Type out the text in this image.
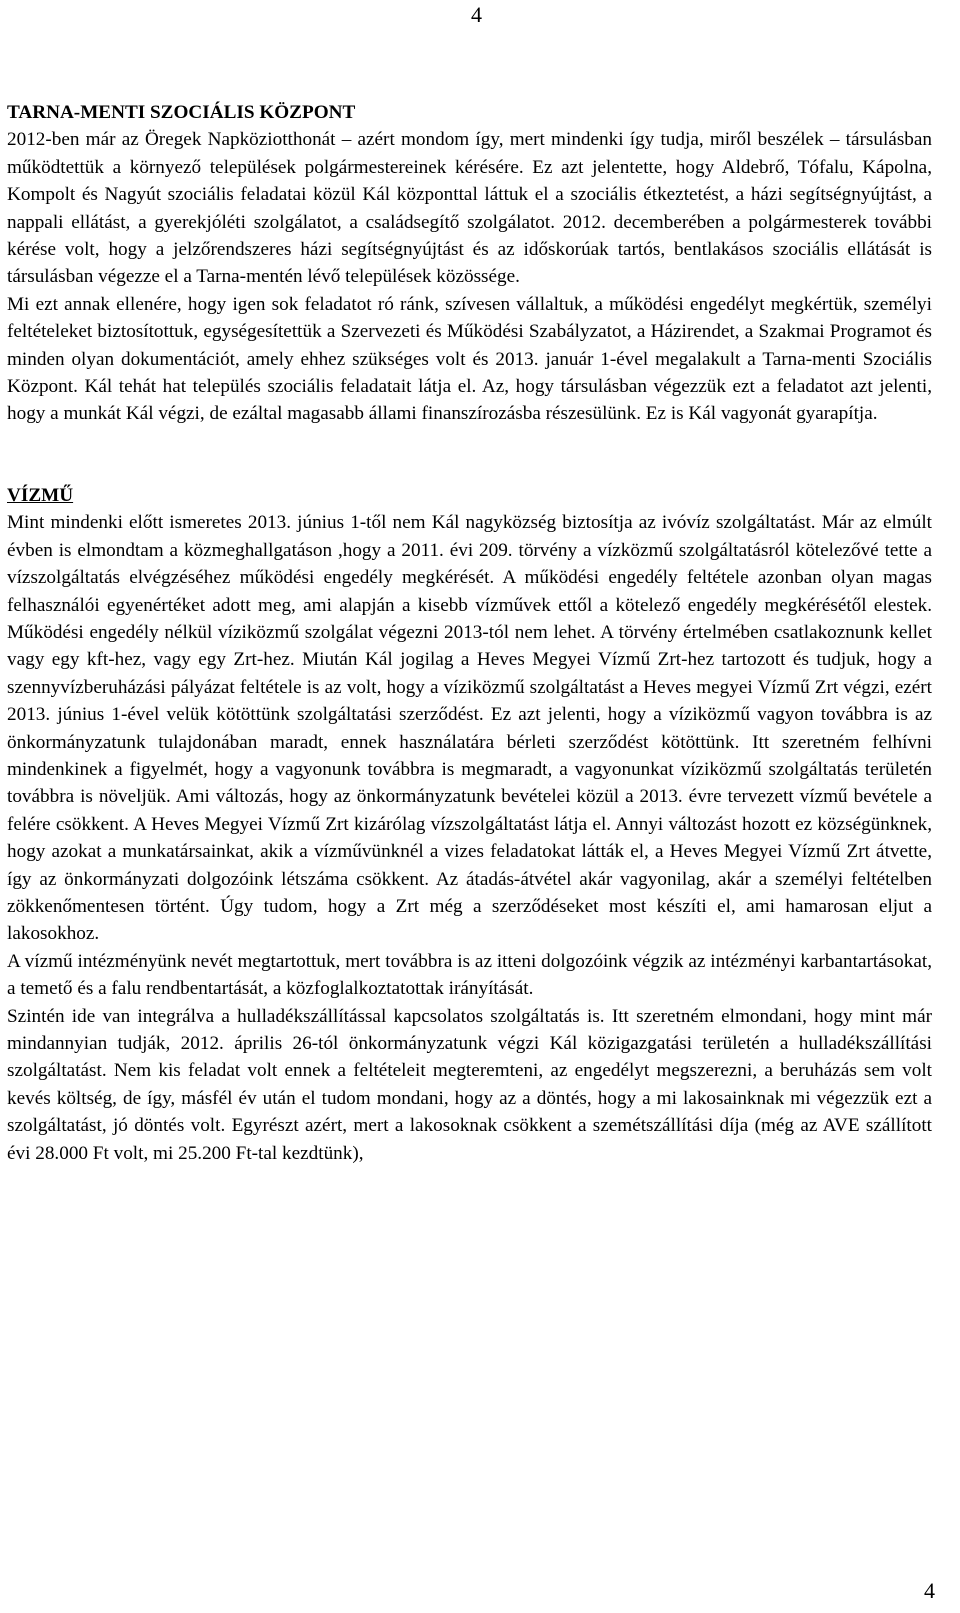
4
TARNA-MENTI SZOCIÁLIS KÖZPONT

2012-ben már az Öregek Napköziotthonát – azért mondom így, mert mindenki így tudja, miről beszélek – társulásban működtettük a környező települések polgármestereinek kérésére. Ez azt jelentette, hogy Aldebrő, Tófalu, Kápolna, Kompolt és Nagyút szociális feladatai közül Kál központtal láttuk el a szociális étkeztetést, a házi segítségnyújtást, a nappali ellátást, a gyerekjóléti szolgálatot, a családsegítő szolgálatot. 2012. decemberében a polgármesterek további kérése volt, hogy a jelzőrendszeres házi segítségnyújtást és az időskorúak tartós, bentlakásos szociális ellátását is társulásban végezze el a Tarna-mentén lévő települések közössége.

Mi ezt annak ellenére, hogy igen sok feladatot ró ránk, szívesen vállaltuk, a működési engedélyt megkértük, személyi feltételeket biztosítottuk, egységesítettük a Szervezeti és Működési Szabályzatot, a Házirendet, a Szakmai Programot és minden olyan dokumentációt, amely ehhez szükséges volt és 2013. január 1-ével megalakult a Tarna-menti Szociális Központ. Kál tehát hat település szociális feladatait látja el. Az, hogy társulásban végezzük ezt a feladatot azt jelenti, hogy a munkát Kál végzi, de ezáltal magasabb állami finanszírozásba részesülünk. Ez is Kál vagyonát gyarapítja.

VÍZMŰ

Mint mindenki előtt ismeretes 2013. június 1-től nem Kál nagyközség biztosítja az ivóvíz szolgáltatást. Már az elmúlt évben is elmondtam a közmeghallgatáson ,hogy a 2011. évi 209. törvény a vízközmű szolgáltatásról kötelezővé tette a vízszolgáltatás elvégzéséhez működési engedély megkérését. A működési engedély feltétele azonban olyan magas felhasználói egyenértéket adott meg, ami alapján a kisebb vízművek ettől a kötelező engedély megkérésétől elestek. Működési engedély nélkül víziközmű szolgálat végezni 2013-tól nem lehet. A törvény értelmében csatlakoznunk kellet vagy egy kft-hez, vagy egy Zrt-hez. Miután Kál jogilag a Heves Megyei Vízmű Zrt-hez tartozott és tudjuk, hogy a szennyvízberuházási pályázat feltétele is az volt, hogy a víziközmű szolgáltatást a Heves megyei Vízmű Zrt végzi, ezért 2013. június 1-ével velük kötöttünk szolgáltatási szerződést. Ez azt jelenti, hogy a víziközmű vagyon továbbra is az önkormányzatunk tulajdonában maradt, ennek használatára bérleti szerződést kötöttünk. Itt szeretném felhívni mindenkinek a figyelmét, hogy a vagyonunk továbbra is megmaradt, a vagyonunkat víziközmű szolgáltatás területén továbbra is növeljük. Ami változás, hogy az önkormányzatunk bevételei közül a 2013. évre tervezett vízmű bevétele a felére csökkent. A Heves Megyei Vízmű Zrt kizárólag vízszolgáltatást látja el. Annyi változást hozott ez községünknek, hogy azokat a munkatársainkat, akik a vízművünknél a vizes feladatokat látták el, a Heves Megyei Vízmű Zrt átvette, így az önkormányzati dolgozóink létszáma csökkent. Az átadás-átvétel akár vagyonilag, akár a személyi feltételben zökkenőmentesen történt. Úgy tudom, hogy a Zrt még a szerződéseket most készíti el, ami hamarosan eljut a lakosokhoz.

A vízmű intézményünk nevét megtartottuk, mert továbbra is az itteni dolgozóink végzik az intézményi karbantartásokat, a temető és a falu rendbentartását, a közfoglalkoztatottak irányítását.

Szintén ide van integrálva a hulladékszállítással kapcsolatos szolgáltatás is. Itt szeretném elmondani, hogy mint már mindannyian tudják, 2012. április 26-tól önkormányzatunk végzi Kál közigazgatási területén a hulladékszállítási szolgáltatást. Nem kis feladat volt ennek a feltételeit megteremteni, az engedélyt megszerezni, a beruházás sem volt kevés költség, de így, másfél év után el tudom mondani, hogy az a döntés, hogy a mi lakosainknak mi végezzük ezt a szolgáltatást, jó döntés volt. Egyrészt azért, mert a lakosoknak csökkent a szemétszállítási díja (még az AVE szállított évi 28.000 Ft volt, mi 25.200 Ft-tal kezdtünk),

4
